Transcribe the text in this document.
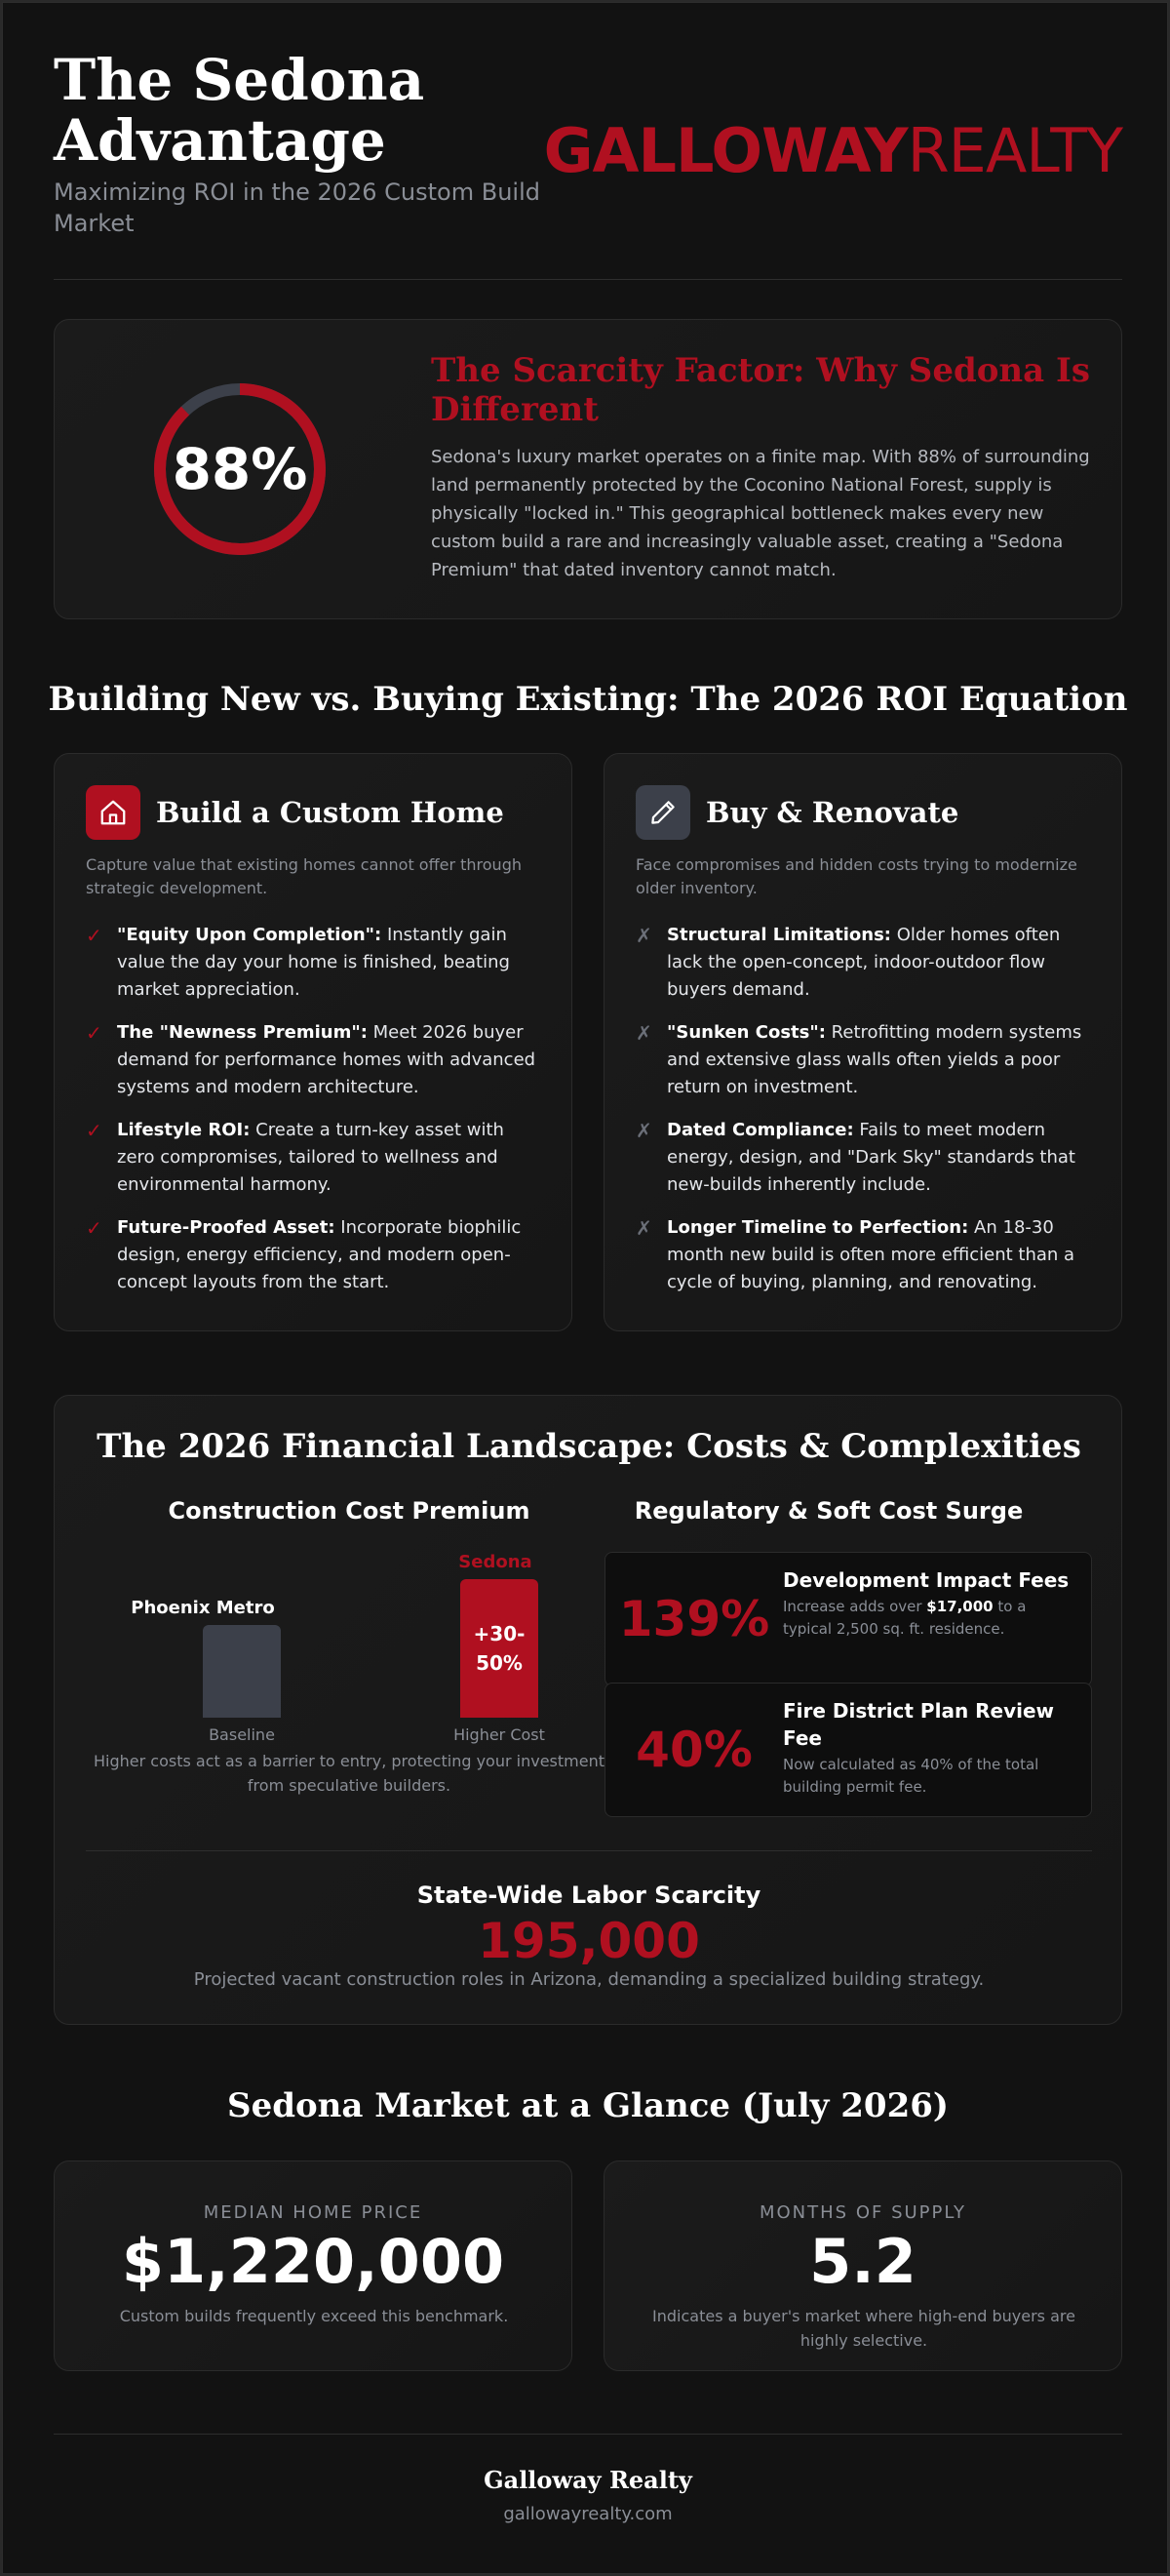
The Sedona Advantage
Maximizing ROI in the 2026 Custom Build Market
GALLOWAYREALTY
88%
The Scarcity Factor: Why Sedona Is Different
Sedona's luxury market operates on a finite map. With 88% of surrounding land permanently protected by the Coconino National Forest, supply is physically "locked in." This geographical bottleneck makes every new custom build a rare and increasingly valuable asset, creating a "Sedona Premium" that dated inventory cannot match.
Building New vs. Buying Existing: The 2026 ROI Equation
Build a Custom Home
Capture value that existing homes cannot offer through strategic development.
✓ "Equity Upon Completion": Instantly gain value the day your home is finished, beating market appreciation.
✓ The "Newness Premium": Meet 2026 buyer demand for performance homes with advanced systems and modern architecture.
✓ Lifestyle ROI: Create a turn-key asset with zero compromises, tailored to wellness and environmental harmony.
✓ Future-Proofed Asset: Incorporate biophilic design, energy efficiency, and modern open-concept layouts from the start.
Buy & Renovate
Face compromises and hidden costs trying to modernize older inventory.
✗ Structural Limitations: Older homes often lack the open-concept, indoor-outdoor flow buyers demand.
✗ "Sunken Costs": Retrofitting modern systems and extensive glass walls often yields a poor return on investment.
✗ Dated Compliance: Fails to meet modern energy, design, and "Dark Sky" standards that new-builds inherently include.
✗ Longer Timeline to Perfection: An 18-30 month new build is often more efficient than a cycle of buying, planning, and renovating.
The 2026 Financial Landscape: Costs & Complexities
Construction Cost Premium	Regulatory & Soft Cost Surge
Phoenix Metro
Sedona
+30-50%
Baseline	Higher Cost
Higher costs act as a barrier to entry, protecting your investment from speculative builders.
139%
Development Impact Fees
Increase adds over $17,000 to a typical 2,500 sq. ft. residence.
40%
Fire District Plan Review Fee
Now calculated as 40% of the total building permit fee.
State-Wide Labor Scarcity
195,000
Projected vacant construction roles in Arizona, demanding a specialized building strategy.
Sedona Market at a Glance (July 2026)
MEDIAN HOME PRICE
$1,220,000
Custom builds frequently exceed this benchmark.
MONTHS OF SUPPLY
5.2
Indicates a buyer's market where high-end buyers are highly selective.
Galloway Realty
gallowayrealty.com
